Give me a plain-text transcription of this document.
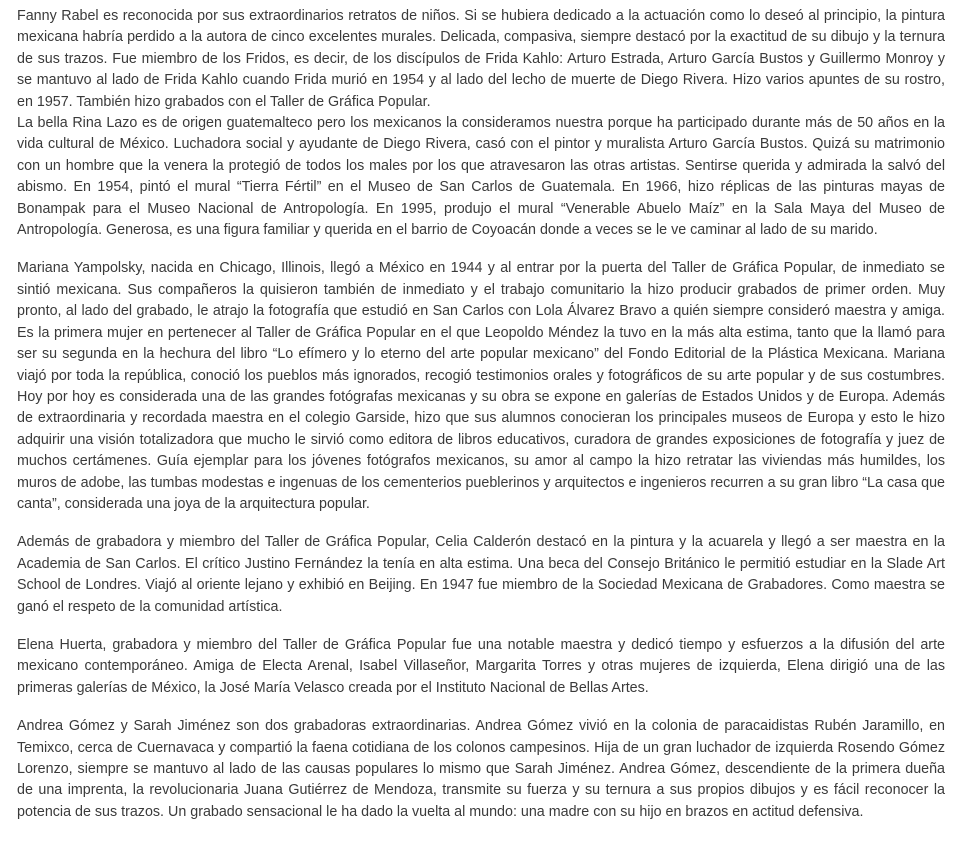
Fanny Rabel es reconocida por sus extraordinarios retratos de niños. Si se hubiera dedicado a la actuación como lo deseó al principio, la pintura mexicana habría perdido a la autora de cinco excelentes murales. Delicada, compasiva, siempre destacó por la exactitud de su dibujo y la ternura de sus trazos. Fue miembro de los Fridos, es decir, de los discípulos de Frida Kahlo: Arturo Estrada, Arturo García Bustos y Guillermo Monroy y se mantuvo al lado de Frida Kahlo cuando Frida murió en 1954 y al lado del lecho de muerte de Diego Rivera. Hizo varios apuntes de su rostro, en 1957. También hizo grabados con el Taller de Gráfica Popular.

La bella Rina Lazo es de origen guatemalteco pero los mexicanos la consideramos nuestra porque ha participado durante más de 50 años en la vida cultural de México. Luchadora social y ayudante de Diego Rivera, casó con el pintor y muralista Arturo García Bustos. Quizá su matrimonio con un hombre que la venera la protegió de todos los males por los que atravesaron las otras artistas. Sentirse querida y admirada la salvó del abismo. En 1954, pintó el mural “Tierra Fértil” en el Museo de San Carlos de Guatemala. En 1966, hizo réplicas de las pinturas mayas de Bonampak para el Museo Nacional de Antropología. En 1995, produjo el mural “Venerable Abuelo Maíz” en la Sala Maya del Museo de Antropología. Generosa, es una figura familiar y querida en el barrio de Coyoacán donde a veces se le ve caminar al lado de su marido.

Mariana Yampolsky, nacida en Chicago, Illinois, llegó a México en 1944 y al entrar por la puerta del Taller de Gráfica Popular, de inmediato se sintió mexicana. Sus compañeros la quisieron también de inmediato y el trabajo comunitario la hizo producir grabados de primer orden. Muy pronto, al lado del grabado, le atrajo la fotografía que estudió en San Carlos con Lola Álvarez Bravo a quién siempre consideró maestra y amiga. Es la primera mujer en pertenecer al Taller de Gráfica Popular en el que Leopoldo Méndez la tuvo en la más alta estima, tanto que la llamó para ser su segunda en la hechura del libro “Lo efímero y lo eterno del arte popular mexicano” del Fondo Editorial de la Plástica Mexicana. Mariana viajó por toda la república, conoció los pueblos más ignorados, recogió testimonios orales y fotográficos de su arte popular y de sus costumbres. Hoy por hoy es considerada una de las grandes fotógrafas mexicanas y su obra se expone en galerías de Estados Unidos y de Europa. Además de extraordinaria y recordada maestra en el colegio Garside, hizo que sus alumnos conocieran los principales museos de Europa y esto le hizo adquirir una visión totalizadora que mucho le sirvió como editora de libros educativos, curadora de grandes exposiciones de fotografía y juez de muchos certámenes. Guía ejemplar para los jóvenes fotógrafos mexicanos, su amor al campo la hizo retratar las viviendas más humildes, los muros de adobe, las tumbas modestas e ingenuas de los cementerios pueblerinos y arquitectos e ingenieros recurren a su gran libro “La casa que canta”, considerada una joya de la arquitectura popular.

Además de grabadora y miembro del Taller de Gráfica Popular, Celia Calderón destacó en la pintura y la acuarela y llegó a ser maestra en la Academia de San Carlos. El crítico Justino Fernández la tenía en alta estima. Una beca del Consejo Británico le permitió estudiar en la Slade Art School de Londres. Viajó al oriente lejano y exhibió en Beijing. En 1947 fue miembro de la Sociedad Mexicana de Grabadores. Como maestra se ganó el respeto de la comunidad artística.

Elena Huerta, grabadora y miembro del Taller de Gráfica Popular fue una notable maestra y dedicó tiempo y esfuerzos a la difusión del arte mexicano contemporáneo. Amiga de Electa Arenal, Isabel Villaseñor, Margarita Torres y otras mujeres de izquierda, Elena dirigió una de las primeras galerías de México, la José María Velasco creada por el Instituto Nacional de Bellas Artes.

Andrea Gómez y Sarah Jiménez son dos grabadoras extraordinarias. Andrea Gómez vivió en la colonia de paracaidistas Rubén Jaramillo, en Temixco, cerca de Cuernavaca y compartió la faena cotidiana de los colonos campesinos. Hija de un gran luchador de izquierda Rosendo Gómez Lorenzo, siempre se mantuvo al lado de las causas populares lo mismo que Sarah Jiménez. Andrea Gómez, descendiente de la primera dueña de una imprenta, la revolucionaria Juana Gutiérrez de Mendoza, transmite su fuerza y su ternura a sus propios dibujos y es fácil reconocer la potencia de sus trazos. Un grabado sensacional le ha dado la vuelta al mundo: una madre con su hijo en brazos en actitud defensiva.
